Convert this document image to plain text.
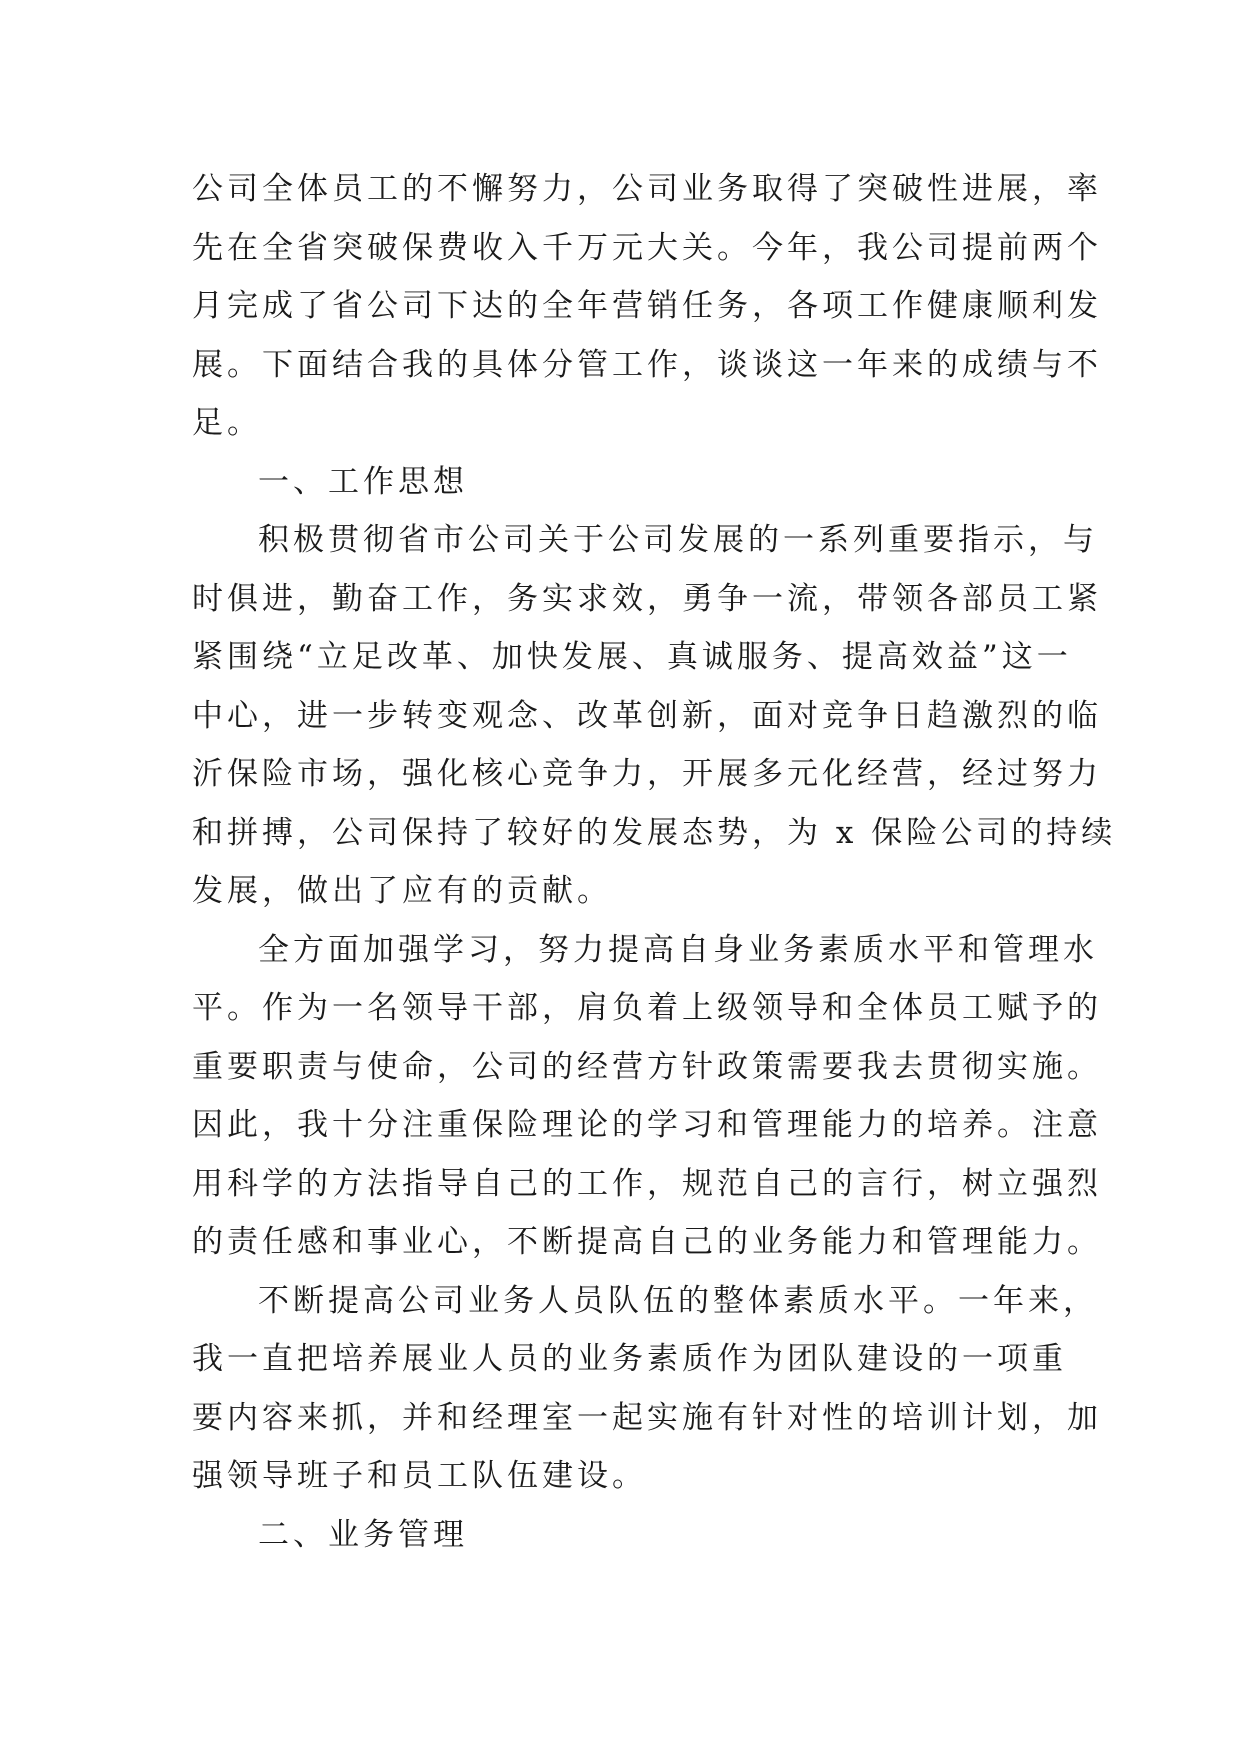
公司全体员工的不懈努力，公司业务取得了突破性进展，率
先在全省突破保费收入千万元大关。今年，我公司提前两个
月完成了省公司下达的全年营销任务，各项工作健康顺利发
展。下面结合我的具体分管工作，谈谈这一年来的成绩与不
足。
一、工作思想
积极贯彻省市公司关于公司发展的一系列重要指示，与
时俱进，勤奋工作，务实求效，勇争一流，带领各部员工紧
紧围绕“立足改革、加快发展、真诚服务、提高效益”这一
中心，进一步转变观念、改革创新，面对竞争日趋激烈的临
沂保险市场，强化核心竞争力，开展多元化经营，经过努力
和拼搏，公司保持了较好的发展态势，为 x 保险公司的持续
发展，做出了应有的贡献。
全方面加强学习，努力提高自身业务素质水平和管理水
平。作为一名领导干部，肩负着上级领导和全体员工赋予的
重要职责与使命，公司的经营方针政策需要我去贯彻实施。
因此，我十分注重保险理论的学习和管理能力的培养。注意
用科学的方法指导自己的工作，规范自己的言行，树立强烈
的责任感和事业心，不断提高自己的业务能力和管理能力。
不断提高公司业务人员队伍的整体素质水平。一年来，
我一直把培养展业人员的业务素质作为团队建设的一项重
要内容来抓，并和经理室一起实施有针对性的培训计划，加
强领导班子和员工队伍建设。
二、业务管理
